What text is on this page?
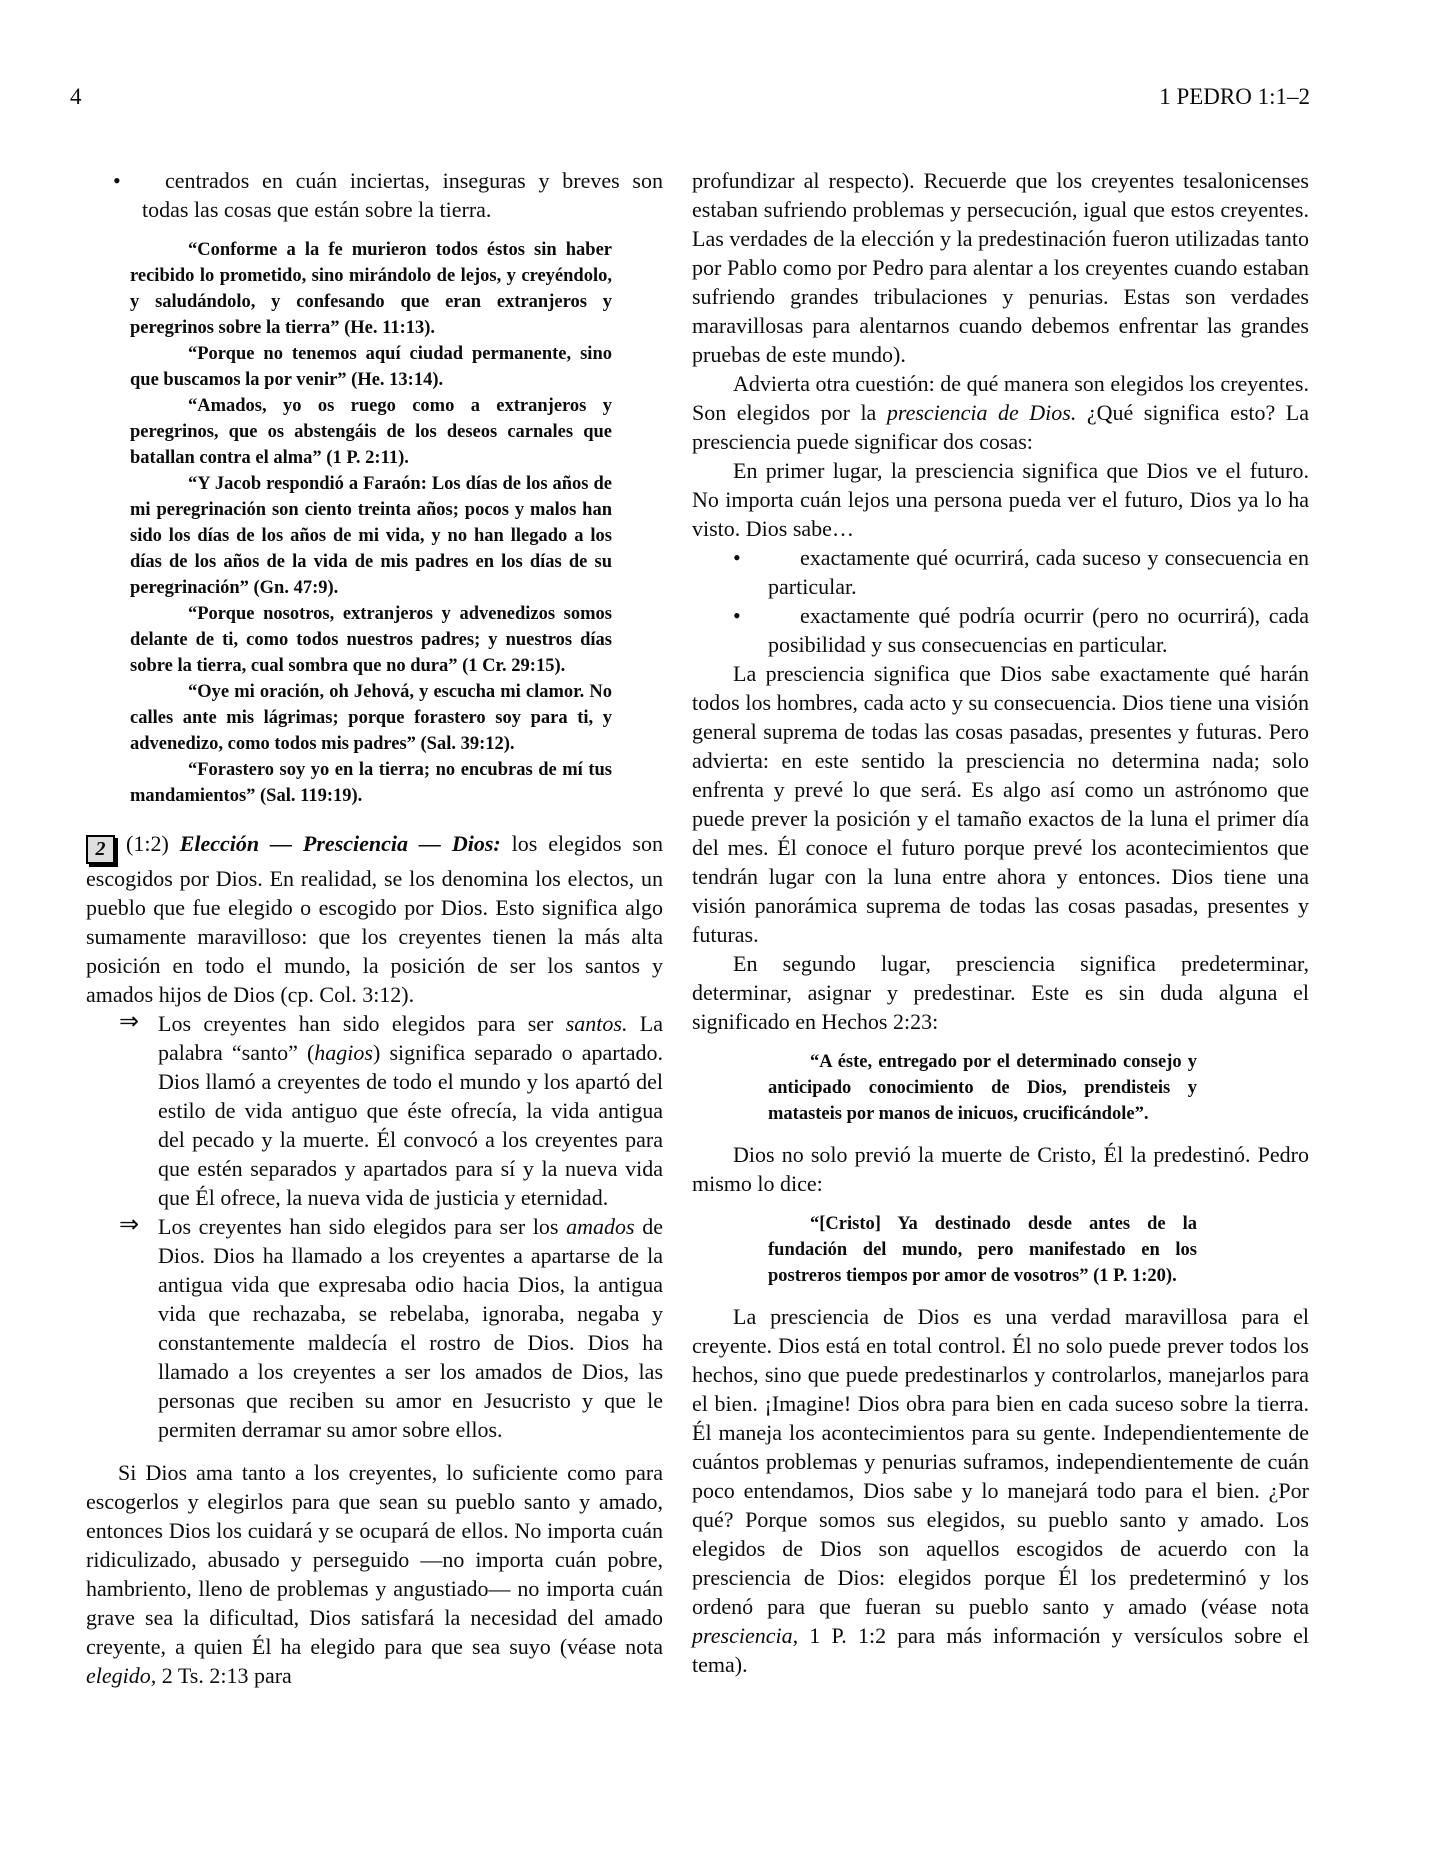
4	1 PEDRO 1:1–2
•	centrados en cuán inciertas, inseguras y breves son todas las cosas que están sobre la tierra.

“Conforme a la fe murieron todos éstos sin haber recibido lo prometido, sino mirándolo de lejos, y creyéndolo, y saludándolo, y confesando que eran extranjeros y peregrinos sobre la tierra” (He. 11:13).

“Porque no tenemos aquí ciudad permanente, sino que buscamos la por venir” (He. 13:14).

“Amados, yo os ruego como a extranjeros y peregrinos, que os abstengáis de los deseos carnales que batallan contra el alma” (1 P. 2:11).

“Y Jacob respondió a Faraón: Los días de los años de mi peregrinación son ciento treinta años; pocos y malos han sido los días de los años de mi vida, y no han llegado a los días de los años de la vida de mis padres en los días de su peregrinación” (Gn. 47:9).

“Porque nosotros, extranjeros y advenedizos somos delante de ti, como todos nuestros padres; y nuestros días sobre la tierra, cual sombra que no dura” (1 Cr. 29:15).

“Oye mi oración, oh Jehová, y escucha mi clamor. No calles ante mis lágrimas; porque forastero soy para ti, y advenedizo, como todos mis padres” (Sal. 39:12).

“Forastero soy yo en la tierra; no encubras de mí tus mandamientos” (Sal. 119:19).

2 (1:2) Elección — Presciencia — Dios: los elegidos son escogidos por Dios. En realidad, se los denomina los electos, un pueblo que fue elegido o escogido por Dios. Esto significa algo sumamente maravilloso: que los creyentes tienen la más alta posición en todo el mundo, la posición de ser los santos y amados hijos de Dios (cp. Col. 3:12).

⇒ Los creyentes han sido elegidos para ser santos. La palabra “santo” (hagios) significa separado o apartado. Dios llamó a creyentes de todo el mundo y los apartó del estilo de vida antiguo que éste ofrecía, la vida antigua del pecado y la muerte. Él convocó a los creyentes para que estén separados y apartados para sí y la nueva vida que Él ofrece, la nueva vida de justicia y eternidad.
⇒ Los creyentes han sido elegidos para ser los amados de Dios. Dios ha llamado a los creyentes a apartarse de la antigua vida que expresaba odio hacia Dios, la antigua vida que rechazaba, se rebelaba, ignoraba, negaba y constantemente maldecía el rostro de Dios. Dios ha llamado a los creyentes a ser los amados de Dios, las personas que reciben su amor en Jesucristo y que le permiten derramar su amor sobre ellos.

Si Dios ama tanto a los creyentes, lo suficiente como para escogerlos y elegirlos para que sean su pueblo santo y amado, entonces Dios los cuidará y se ocupará de ellos. No importa cuán ridiculizado, abusado y perseguido —no importa cuán pobre, hambriento, lleno de problemas y angustiado— no importa cuán grave sea la dificultad, Dios satisfará la necesidad del amado creyente, a quien Él ha elegido para que sea suyo (véase nota elegido, 2 Ts. 2:13 para

profundizar al respecto). Recuerde que los creyentes tesalonicenses estaban sufriendo problemas y persecución, igual que estos creyentes. Las verdades de la elección y la predestinación fueron utilizadas tanto por Pablo como por Pedro para alentar a los creyentes cuando estaban sufriendo grandes tribulaciones y penurias. Estas son verdades maravillosas para alentarnos cuando debemos enfrentar las grandes pruebas de este mundo).

Advierta otra cuestión: de qué manera son elegidos los creyentes. Son elegidos por la presciencia de Dios. ¿Qué significa esto? La presciencia puede significar dos cosas:

En primer lugar, la presciencia significa que Dios ve el futuro. No importa cuán lejos una persona pueda ver el futuro, Dios ya lo ha visto. Dios sabe…

•	exactamente qué ocurrirá, cada suceso y consecuencia en particular.
•	exactamente qué podría ocurrir (pero no ocurrirá), cada posibilidad y sus consecuencias en particular.

La presciencia significa que Dios sabe exactamente qué harán todos los hombres, cada acto y su consecuencia. Dios tiene una visión general suprema de todas las cosas pasadas, presentes y futuras. Pero advierta: en este sentido la presciencia no determina nada; solo enfrenta y prevé lo que será. Es algo así como un astrónomo que puede prever la posición y el tamaño exactos de la luna el primer día del mes. Él conoce el futuro porque prevé los acontecimientos que tendrán lugar con la luna entre ahora y entonces. Dios tiene una visión panorámica suprema de todas las cosas pasadas, presentes y futuras.

En segundo lugar, presciencia significa predeterminar, determinar, asignar y predestinar. Este es sin duda alguna el significado en Hechos 2:23:

“A éste, entregado por el determinado consejo y anticipado conocimiento de Dios, prendisteis y matasteis por manos de inicuos, crucificándole”.

Dios no solo previó la muerte de Cristo, Él la predestinó. Pedro mismo lo dice:

“[Cristo] Ya destinado desde antes de la fundación del mundo, pero manifestado en los postreros tiempos por amor de vosotros” (1 P. 1:20).

La presciencia de Dios es una verdad maravillosa para el creyente. Dios está en total control. Él no solo puede prever todos los hechos, sino que puede predestinarlos y controlarlos, manejarlos para el bien. ¡Imagine! Dios obra para bien en cada suceso sobre la tierra. Él maneja los acontecimientos para su gente. Independientemente de cuántos problemas y penurias suframos, independientemente de cuán poco entendamos, Dios sabe y lo manejará todo para el bien. ¿Por qué? Porque somos sus elegidos, su pueblo santo y amado. Los elegidos de Dios son aquellos escogidos de acuerdo con la presciencia de Dios: elegidos porque Él los predeterminó y los ordenó para que fueran su pueblo santo y amado (véase nota presciencia, 1 P. 1:2 para más información y versículos sobre el tema).
